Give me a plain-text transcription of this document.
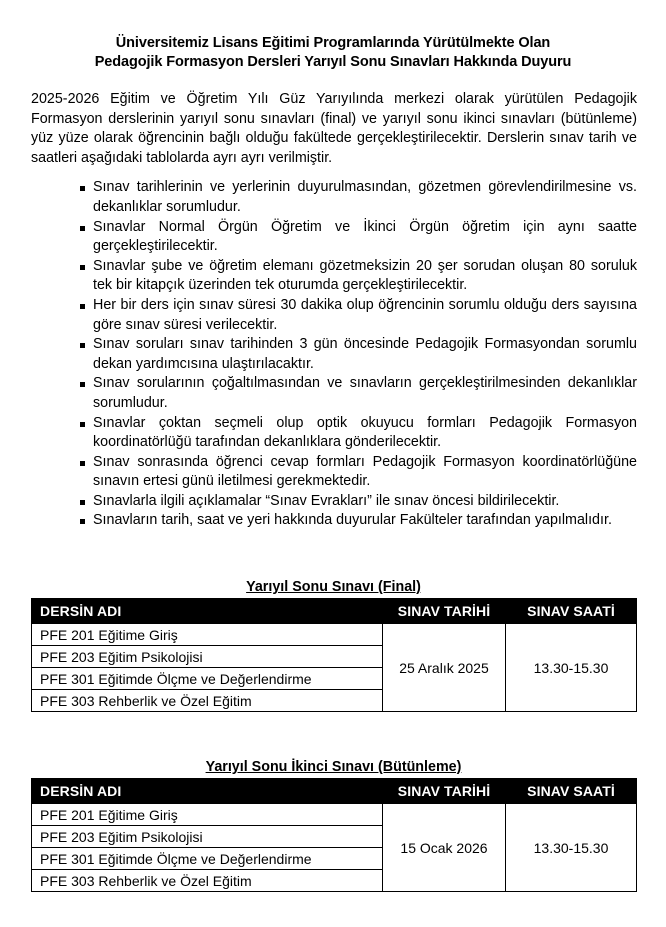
Üniversitemiz Lisans Eğitimi Programlarında Yürütülmekte Olan
Pedagojik Formasyon Dersleri Yarıyıl Sonu Sınavları Hakkında Duyuru

2025-2026 Eğitim ve Öğretim Yılı Güz Yarıyılında merkezi olarak yürütülen Pedagojik Formasyon derslerinin yarıyıl sonu sınavları (final) ve yarıyıl sonu ikinci sınavları (bütünleme) yüz yüze olarak öğrencinin bağlı olduğu fakültede gerçekleştirilecektir. Derslerin sınav tarih ve saatleri aşağıdaki tablolarda ayrı ayrı verilmiştir.

Sınav tarihlerinin ve yerlerinin duyurulmasından, gözetmen görevlendirilmesine vs. dekanlıklar sorumludur.
Sınavlar Normal Örgün Öğretim ve İkinci Örgün öğretim için aynı saatte gerçekleştirilecektir.
Sınavlar şube ve öğretim elemanı gözetmeksizin 20 şer sorudan oluşan 80 soruluk tek bir kitapçık üzerinden tek oturumda gerçekleştirilecektir.
Her bir ders için sınav süresi 30 dakika olup öğrencinin sorumlu olduğu ders sayısına göre sınav süresi verilecektir.
Sınav soruları sınav tarihinden 3 gün öncesinde Pedagojik Formasyondan sorumlu dekan yardımcısına ulaştırılacaktır.
Sınav sorularının çoğaltılmasından ve sınavların gerçekleştirilmesinden dekanlıklar sorumludur.
Sınavlar çoktan seçmeli olup optik okuyucu formları Pedagojik Formasyon koordinatörlüğü tarafından dekanlıklara gönderilecektir.
Sınav sonrasında öğrenci cevap formları Pedagojik Formasyon koordinatörlüğüne sınavın ertesi günü iletilmesi gerekmektedir.
Sınavlarla ilgili açıklamalar “Sınav Evrakları” ile sınav öncesi bildirilecektir.
Sınavların tarih, saat ve yeri hakkında duyurular Fakülteler tarafından yapılmalıdır.
Yarıyıl Sonu Sınavı (Final)
DERSİN ADI	SINAV TARİHİ	SINAV SAATİ
PFE 201 Eğitime Giriş	25 Aralık 2025	13.30-15.30
PFE 203 Eğitim Psikolojisi		
PFE 301 Eğitimde Ölçme ve Değerlendirme		
PFE 303 Rehberlik ve Özel Eğitim		
Yarıyıl Sonu İkinci Sınavı (Bütünleme)
DERSİN ADI	SINAV TARİHİ	SINAV SAATİ
PFE 201 Eğitime Giriş	15 Ocak 2026	13.30-15.30
PFE 203 Eğitim Psikolojisi		
PFE 301 Eğitimde Ölçme ve Değerlendirme		
PFE 303 Rehberlik ve Özel Eğitim		
